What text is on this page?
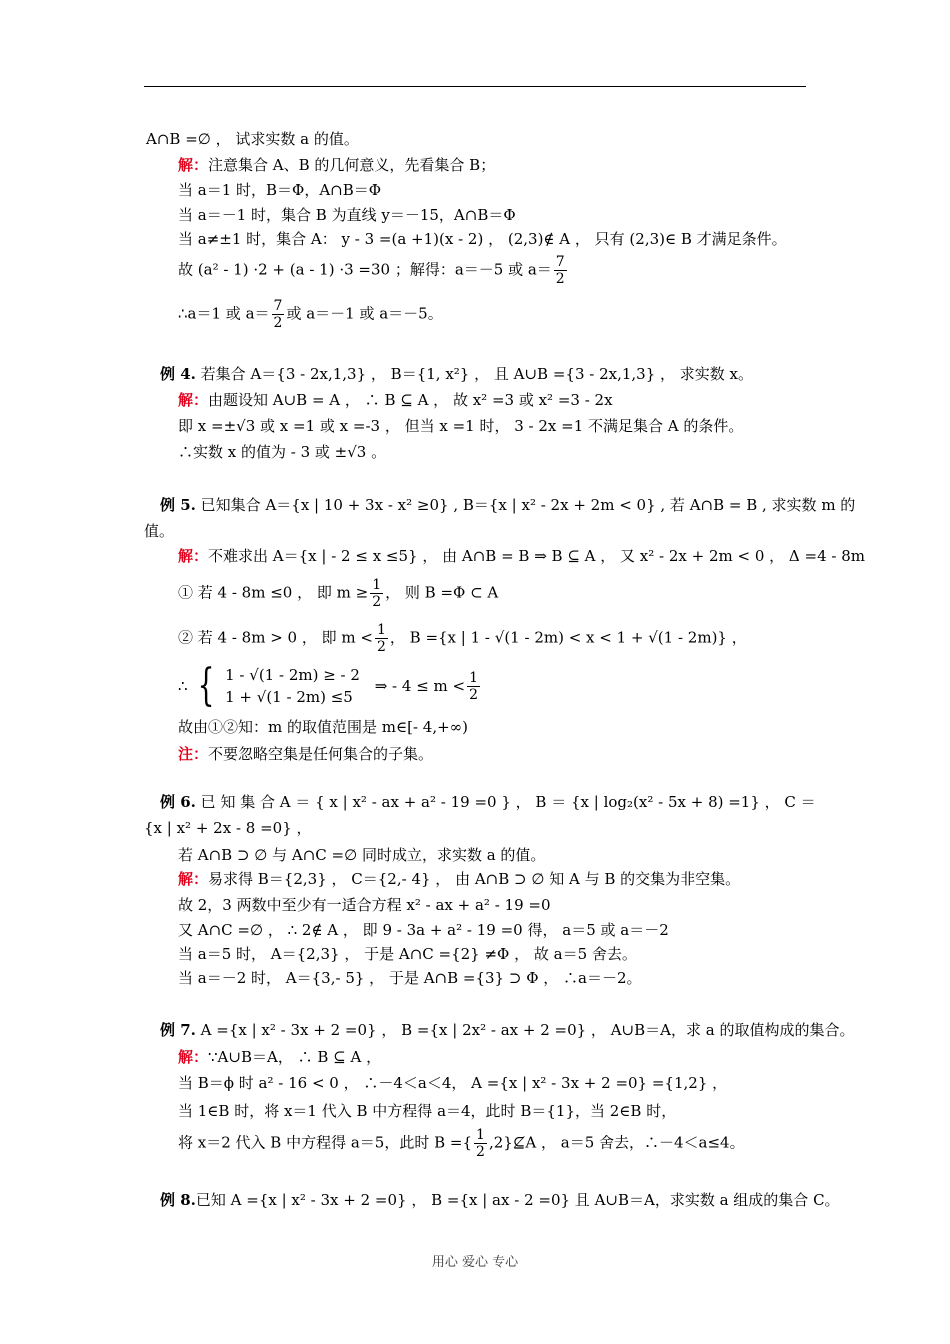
A∩B =∅ ， 试求实数 a 的值。
解：注意集合 A、B 的几何意义，先看集合 B；
当 a＝1 时，B＝Φ，A∩B＝Φ
当 a＝－1 时，集合 B 为直线 y＝－15，A∩B＝Φ
当 a≠±1 时，集合 A： y - 3 =(a +1)(x - 2) ， (2,3)∉ A ， 只有 (2,3)∈ B 才满足条件。
故 (a² - 1) ·2 + (a - 1) ·3 =30 ；解得：a＝－5 或 $a= \frac{7}{2}$
∴a＝1 或 $a= \frac{7}{2}$ 或 a＝－1 或 a＝－5。
例 4. 若集合 A＝{3 - 2x,1,3} ， B＝{1, x²} ， 且 A∪B ={3 - 2x,1,3} ， 求实数 x。
解：由题设知 A∪B = A ， ∴ B ⊆ A ， 故 x² =3 或 x² =3 - 2x
即 x =±√3 或 x =1 或 x =-3 ， 但当 x =1 时， 3 - 2x =1 不满足集合 A 的条件。
∴实数 x 的值为 - 3 或 ±√3 。
例 5. 已知集合 A＝{x | 10 + 3x - x² ≥0} , B＝{x | x² - 2x + 2m < 0} , 若 A∩B = B , 求实数 m 的
值。
解：不难求出 A＝{x | - 2 ≤ x ≤5} ， 由 A∩B = B ⇒ B ⊆ A ， 又 x² - 2x + 2m < 0 ， Δ =4 - 8m
① 若 4 - 8m ≤0 ， 即 $m \ge \frac{1}{2}$ ， 则 B =Φ ⊂ A
② 若 4 - 8m > 0 ， 即 $m < \frac{1}{2}$ ， B ={x | 1 - √(1 - 2m) < x < 1 + √(1 - 2m)} ，
∴ { 1 - √(1 - 2m) ≥ - 2
1 + √(1 - 2m) ≤5
⇒ - $4 \le m < \frac{1}{2}$
故由①②知：m 的取值范围是 m∈[- 4,+∞)
注：不要忽略空集是任何集合的子集。
例 6. 已 知 集 合 A ＝ { x | x² - ax + a² - 19 =0 } ， B ＝ {x | log₂(x² - 5x + 8) =1} ， C ＝
{x | x² + 2x - 8 =0} ，
若 A∩B ⊃ ∅ 与 A∩C =∅ 同时成立，求实数 a 的值。
解：易求得 B＝{2,3} ， C＝{2,- 4} ， 由 A∩B ⊃ ∅ 知 A 与 B 的交集为非空集。
故 2，3 两数中至少有一适合方程 x² - ax + a² - 19 =0
又 A∩C =∅ ， ∴ 2∉ A ， 即 9 - 3a + a² - 19 =0 得， a＝5 或 a＝－2
当 a＝5 时， A＝{2,3} ， 于是 A∩C ={2} ≠Φ ， 故 a＝5 舍去。
当 a＝－2 时， A＝{3,- 5} ， 于是 A∩B ={3} ⊃ Φ ， ∴a＝－2。
例 7. A ={x | x² - 3x + 2 =0} ， B ={x | 2x² - ax + 2 =0} ， A∪B＝A，求 a 的取值构成的集合。
解：∵A∪B＝A， ∴ B ⊆ A ，
当 B＝ϕ 时 a² - 16 < 0 ， ∴－4＜a＜4， A ={x | x² - 3x + 2 =0} ={1,2} ，
当 1∈B 时，将 x＝1 代入 B 中方程得 a＝4，此时 B＝{1}，当 2∈B 时，
将 x＝2 代入 B 中方程得 a＝5，此时 B ={ $\frac{1}{2}$ ,2}⊈A ， a＝5 舍去，∴－4＜a≤4。
例 8.已知 A ={x | x² - 3x + 2 =0} ， B ={x | ax - 2 =0} 且 A∪B＝A，求实数 a 组成的集合 C。
用心 爱心 专心
